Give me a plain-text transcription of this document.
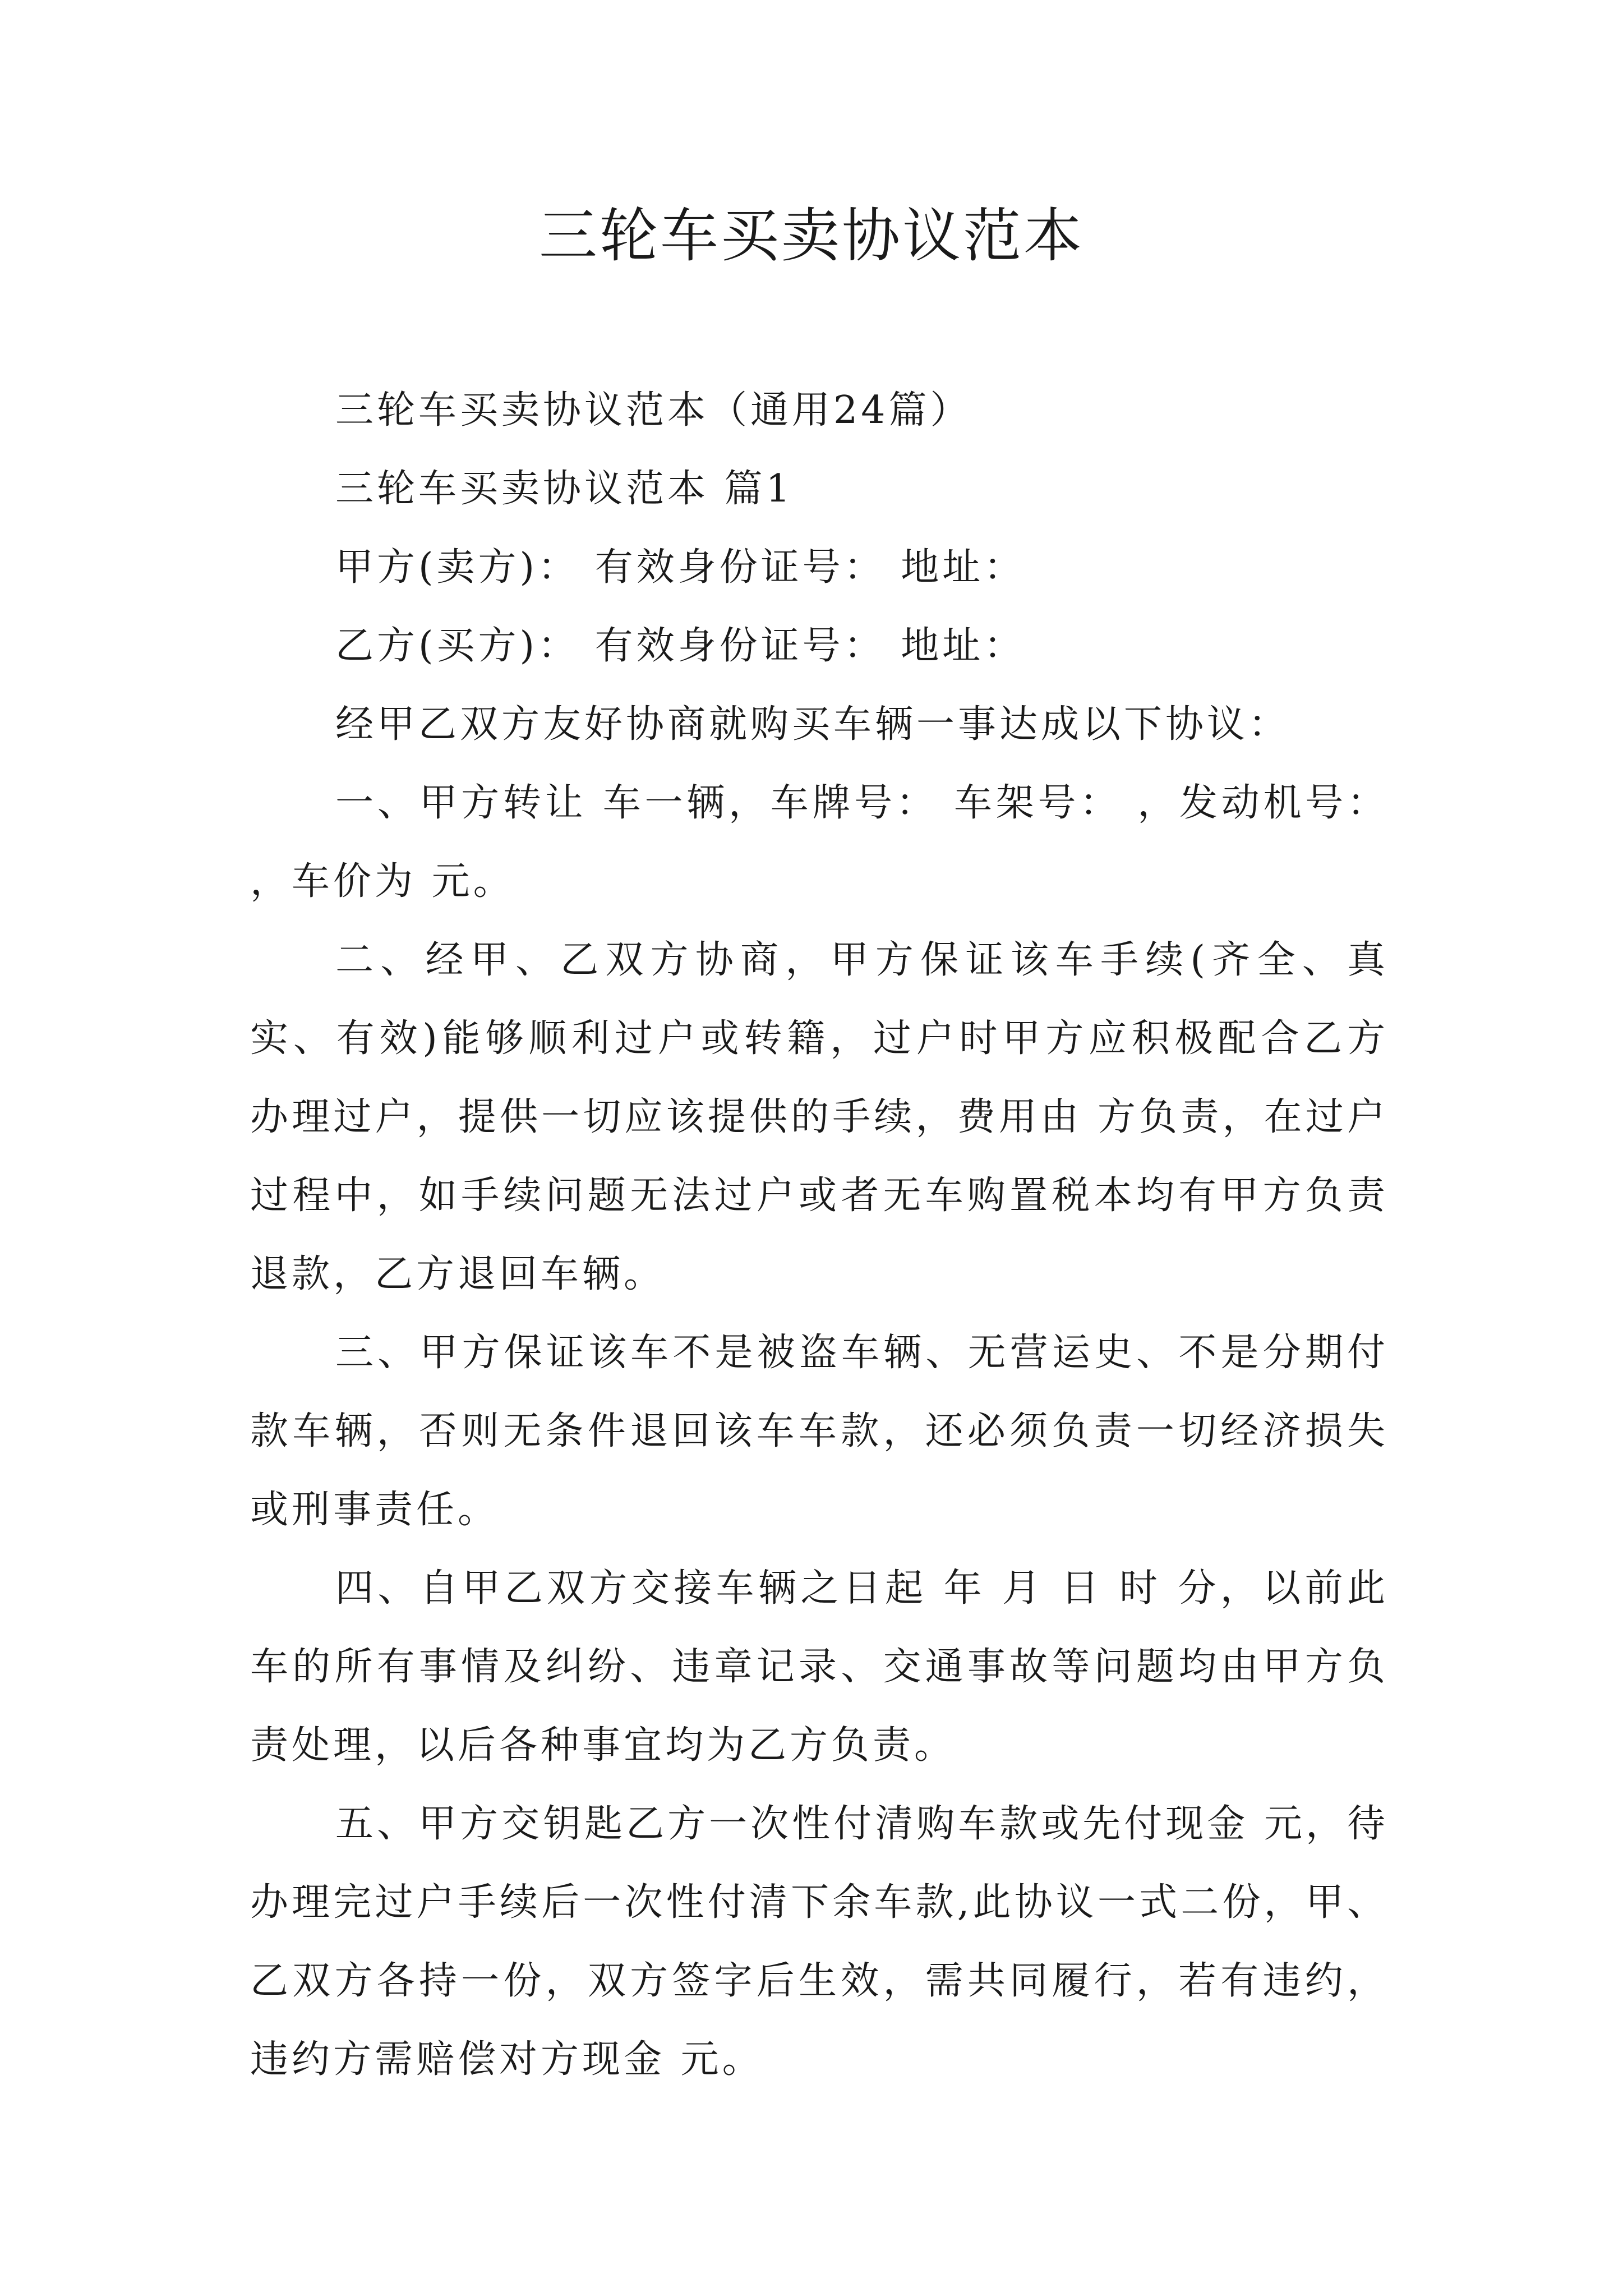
三轮车买卖协议范本

三轮车买卖协议范本（通用24篇）

三轮车买卖协议范本 篇1

甲方(卖方)： 有效身份证号： 地址：

乙方(买方)： 有效身份证号： 地址：

经甲乙双方友好协商就购买车辆一事达成以下协议：

一、甲方转让 车一辆，车牌号： 车架号： ，发动机号： ，车价为 元。

二、经甲、乙双方协商，甲方保证该车手续(齐全、真实、有效)能够顺利过户或转籍，过户时甲方应积极配合乙方办理过户，提供一切应该提供的手续，费用由 方负责，在过户过程中，如手续问题无法过户或者无车购置税本均有甲方负责退款，乙方退回车辆。

三、甲方保证该车不是被盗车辆、无营运史、不是分期付款车辆，否则无条件退回该车车款，还必须负责一切经济损失或刑事责任。

四、自甲乙双方交接车辆之日起 年 月 日 时 分，以前此车的所有事情及纠纷、违章记录、交通事故等问题均由甲方负责处理，以后各种事宜均为乙方负责。

五、甲方交钥匙乙方一次性付清购车款或先付现金 元，待办理完过户手续后一次性付清下余车款,此协议一式二份，甲、乙双方各持一份，双方签字后生效，需共同履行，若有违约，违约方需赔偿对方现金 元。
